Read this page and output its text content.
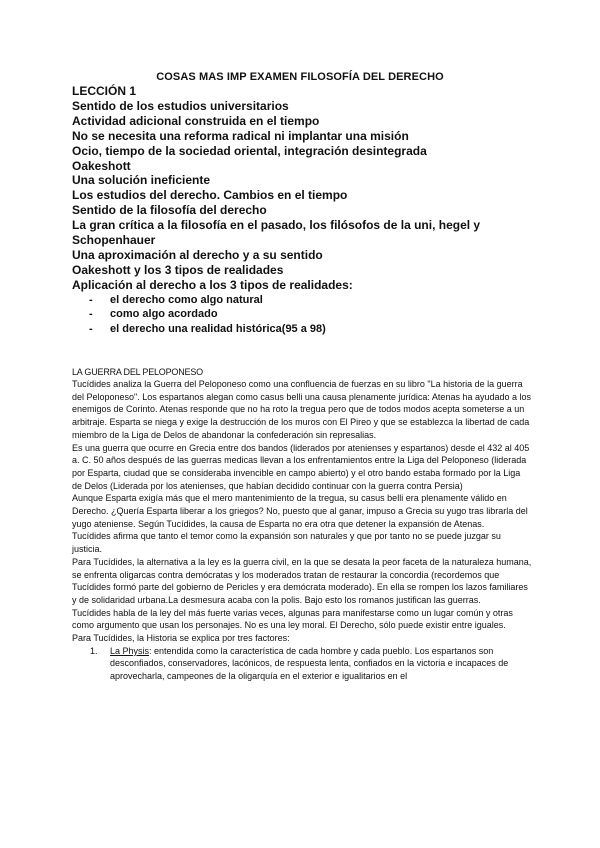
COSAS MAS IMP EXAMEN FILOSOFÍA DEL DERECHO
LECCIÓN 1
Sentido de los estudios universitarios
Actividad adicional construida en el tiempo
No se necesita una reforma radical ni implantar una misión
Ocio, tiempo de la sociedad oriental, integración desintegrada
Oakeshott
Una solución ineficiente
Los estudios del derecho. Cambios en el tiempo
Sentido de la filosofía del derecho
La gran crítica a la filosofía en el pasado, los filósofos de la uni, hegel y
Schopenhauer
Una aproximación al derecho y a su sentido
Oakeshott y los 3 tipos de realidades
Aplicación al derecho a los 3 tipos de realidades:
- el derecho como algo natural
- como algo acordado
- el derecho una realidad histórica(95 a 98)
LA GUERRA DEL PELOPONESO

Tucídides analiza la Guerra del Peloponeso como una confluencia de fuerzas en su libro "La historia de la guerra del Peloponeso". Los espartanos alegan como casus belli una causa plenamente jurídica: Atenas ha ayudado a los enemigos de Corinto. Atenas responde que no ha roto la tregua pero que de todos modos acepta someterse a un arbitraje. Esparta se niega y exige la destrucción de los muros con El Pireo y que se establezca la libertad de cada miembro de la Liga de Delos de abandonar la confederación sin represalias.

Es una guerra que ocurre en Grecia entre dos bandos (liderados por atenienses y espartanos) desde el 432 al 405 a. C. 50 años después de las guerras medicas llevan a los enfrentamientos entre la Liga del Peloponeso (liderada por Esparta, ciudad que se consideraba invencible en campo abierto) y el otro bando estaba formado por la Liga de Delos (Liderada por los atenienses, que habían decidido continuar con la guerra contra Persia)

Aunque Esparta exigía más que el mero mantenimiento de la tregua, su casus belli era plenamente válido en Derecho. ¿Quería Esparta liberar a los griegos? No, puesto que al ganar, impuso a Grecia su yugo tras librarla del yugo ateniense. Según Tucídides, la causa de Esparta no era otra que detener la expansión de Atenas.

Tucídides afirma que tanto el temor como la expansión son naturales y que por tanto no se puede juzgar su justicia.

Para Tucídides, la alternativa a la ley es la guerra civil, en la que se desata la peor faceta de la naturaleza humana, se enfrenta oligarcas contra demócratas y los moderados tratan de restaurar la concordia (recordemos que Tucídides formó parte del gobierno de Pericles y era demócrata moderado). En ella se rompen los lazos familiares y de solidaridad urbana.La desmesura acaba con la polis. Bajo esto los romanos justifican las guerras.

Tucídides habla de la ley del más fuerte varias veces, algunas para manifestarse como un lugar común y otras como argumento que usan los personajes. No es una ley moral. El Derecho, sólo puede existir entre iguales.

Para Tucídides, la Historia se explica por tres factores:

1. La Physis: entendida como la característica de cada hombre y cada pueblo. Los espartanos son desconfiados, conservadores, lacónicos, de respuesta lenta, confiados en la victoria e incapaces de aprovecharla, campeones de la oligarquía en el exterior e igualitarios en el
